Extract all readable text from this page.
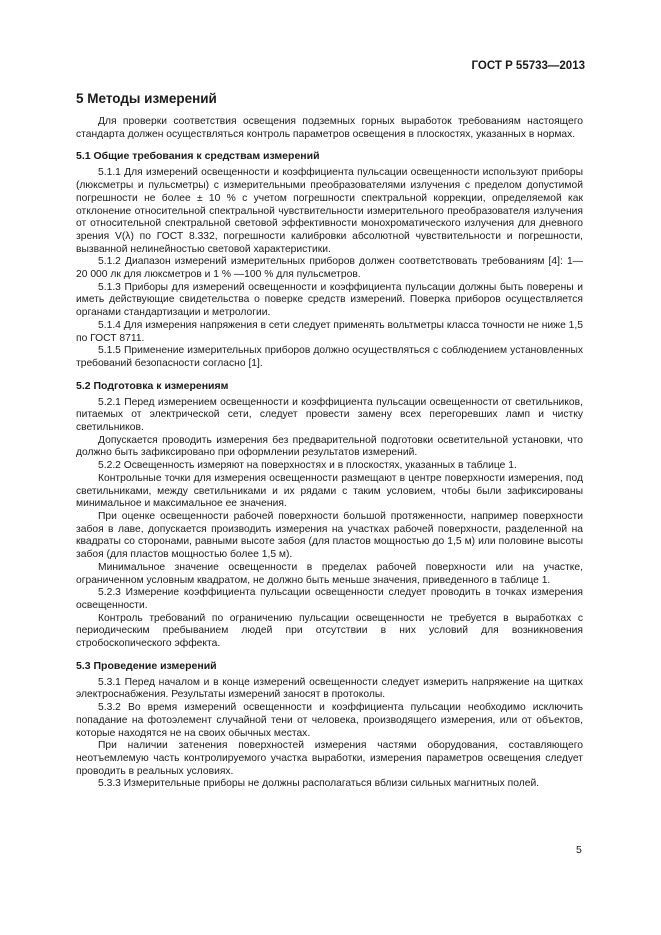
ГОСТ Р 55733—2013
5 Методы измерений

Для проверки соответствия освещения подземных горных выработок требованиям настоящего стандарта должен осуществляться контроль параметров освещения в плоскостях, указанных в нормах.

5.1 Общие требования к средствам измерений

5.1.1 Для измерений освещенности и коэффициента пульсации освещенности используют приборы (люксметры и пульсметры) с измерительными преобразователями излучения с пределом допустимой погрешности не более ± 10 % с учетом погрешности спектральной коррекции, определяемой как отклонение относительной спектральной чувствительности измерительного преобразователя излучения от относительной спектральной световой эффективности монохроматического излучения для дневного зрения V(λ) по ГОСТ 8.332, погрешности калибровки абсолютной чувствительности и погрешности, вызванной нелинейностью световой характеристики.

5.1.2 Диапазон измерений измерительных приборов должен соответствовать требованиям [4]: 1—20 000 лк для люксметров и 1 % —100 % для пульсметров.

5.1.3 Приборы для измерений освещенности и коэффициента пульсации должны быть поверены и иметь действующие свидетельства о поверке средств измерений. Поверка приборов осуществляется органами стандартизации и метрологии.

5.1.4 Для измерения напряжения в сети следует применять вольтметры класса точности не ниже 1,5 по ГОСТ 8711.

5.1.5 Применение измерительных приборов должно осуществляться с соблюдением установленных требований безопасности согласно [1].

5.2 Подготовка к измерениям

5.2.1 Перед измерением освещенности и коэффициента пульсации освещенности от светильников, питаемых от электрической сети, следует провести замену всех перегоревших ламп и чистку светильников.

Допускается проводить измерения без предварительной подготовки осветительной установки, что должно быть зафиксировано при оформлении результатов измерений.

5.2.2 Освещенность измеряют на поверхностях и в плоскостях, указанных в таблице 1.

Контрольные точки для измерения освещенности размещают в центре поверхности измерения, под светильниками, между светильниками и их рядами с таким условием, чтобы были зафиксированы минимальное и максимальное ее значения.

При оценке освещенности рабочей поверхности большой протяженности, например поверхности забоя в лаве, допускается производить измерения на участках рабочей поверхности, разделенной на квадраты со сторонами, равными высоте забоя (для пластов мощностью до 1,5 м) или половине высоты забоя (для пластов мощностью более 1,5 м).

Минимальное значение освещенности в пределах рабочей поверхности или на участке, ограниченном условным квадратом, не должно быть меньше значения, приведенного в таблице 1.

5.2.3 Измерение коэффициента пульсации освещенности следует проводить в точках измерения освещенности.

Контроль требований по ограничению пульсации освещенности не требуется в выработках с периодическим пребыванием людей при отсутствии в них условий для возникновения стробоскопического эффекта.

5.3 Проведение измерений

5.3.1 Перед началом и в конце измерений освещенности следует измерить напряжение на щитках электроснабжения. Результаты измерений заносят в протоколы.

5.3.2 Во время измерений освещенности и коэффициента пульсации необходимо исключить попадание на фотоэлемент случайной тени от человека, производящего измерения, или от объектов, которые находятся не на своих обычных местах.

При наличии затенения поверхностей измерения частями оборудования, составляющего неотъемлемую часть контролируемого участка выработки, измерения параметров освещения следует проводить в реальных условиях.

5.3.3 Измерительные приборы не должны располагаться вблизи сильных магнитных полей.

5
